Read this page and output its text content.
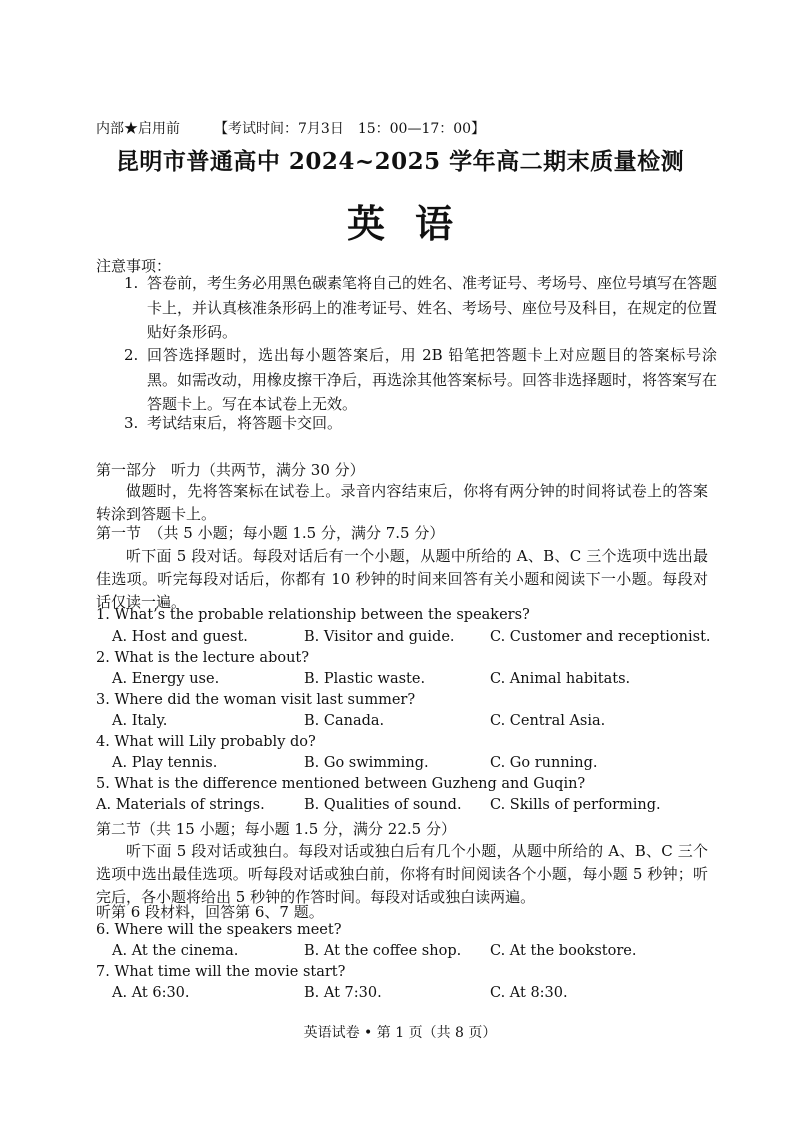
内部★启用前 【考试时间：7月3日　15：00—17：00】
昆明市普通高中 2024~2025 学年高二期末质量检测
英语
注意事项：
1. 答卷前，考生务必用黑色碳素笔将自己的姓名、准考证号、考场号、座位号填写在答题卡上，并认真核准条形码上的准考证号、姓名、考场号、座位号及科目，在规定的位置贴好条形码。
2. 回答选择题时，选出每小题答案后，用 2B 铅笔把答题卡上对应题目的答案标号涂黑。如需改动，用橡皮擦干净后，再选涂其他答案标号。回答非选择题时，将答案写在答题卡上。写在本试卷上无效。
3. 考试结束后，将答题卡交回。
第一部分　听力（共两节，满分 30 分）
做题时，先将答案标在试卷上。录音内容结束后，你将有两分钟的时间将试卷上的答案转涂到答题卡上。
第一节　（共 5 小题；每小题 1.5 分，满分 7.5 分）
听下面 5 段对话。每段对话后有一个小题，从题中所给的 A、B、C 三个选项中选出最佳选项。听完每段对话后，你都有 10 秒钟的时间来回答有关小题和阅读下一小题。每段对话仅读一遍。
1. What’s the probable relationship between the speakers?
A. Host and guest.	B. Visitor and guide. C. Customer and receptionist.
2. What is the lecture about?
A. Energy use.	B. Plastic waste.	C. Animal habitats.
3. Where did the woman visit last summer?
A. Italy.	B. Canada.	C. Central Asia.
4. What will Lily probably do?
A. Play tennis.	B. Go swimming.	C. Go running.
5. What is the difference mentioned between Guzheng and Guqin?
A. Materials of strings.	B. Qualities of sound. C. Skills of performing.
第二节（共 15 小题；每小题 1.5 分，满分 22.5 分）
听下面 5 段对话或独白。每段对话或独白后有几个小题，从题中所给的 A、B、C 三个选项中选出最佳选项。听每段对话或独白前，你将有时间阅读各个小题，每小题 5 秒钟；听完后，各小题将给出 5 秒钟的作答时间。每段对话或独白读两遍。
听第 6 段材料，回答第 6、7 题。
6. Where will the speakers meet?
A. At the cinema.	B. At the coffee shop. C. At the bookstore.
7. What time will the movie start?
A. At 6:30.	B. At 7:30.	C. At 8:30.
英语试卷 • 第 1 页（共 8 页）
